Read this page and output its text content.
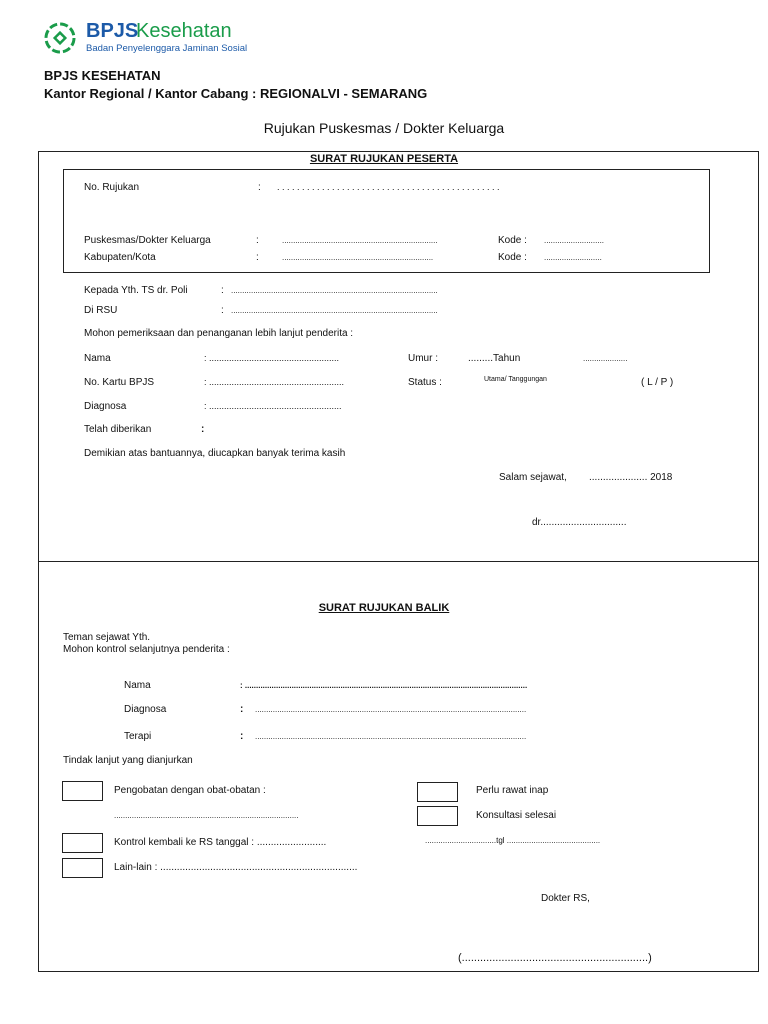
BPJS
Kesehatan
Badan Penyelenggara Jaminan Sosial
BPJS KESEHATAN
Kantor Regional / Kantor Cabang : REGIONALVI - SEMARANG
Rujukan Puskesmas / Dokter Keluarga
SURAT RUJUKAN PESERTA
No. Rujukan	: . . . . . . . . . . . . . . . . . . . . . . . . . . . . . . . . . . . . . . . . . . . . .
Puskesmas/Dokter Keluarga	:	......................................................................	Kode : ...........................
Kabupaten/Kota	:	....................................................................	Kode : ..........................
Kepada Yth. TS dr. Poli	: .............................................................................................
Di RSU	: .............................................................................................
Mohon pemeriksaan dan penanganan lebih lanjut penderita :
Nama	: ....................................................	Umur :	.........Tahun	....................
No. Kartu BPJS	: ......................................................	Status :	Utama/ Tanggungan	( L / P )
Diagnosa	: .....................................................
Telah diberikan	:
Demikian atas bantuannya, diucapkan banyak terima kasih
Salam sejawat, ..................... 2018
dr...............................
SURAT RUJUKAN BALIK
Teman sejawat Yth.
Mohon kontrol selanjutnya penderita :
Nama	: ...............................................................................................................................
Diagnosa	: ..........................................................................................................................
Terapi	: ..........................................................................................................................
Tindak lanjut yang dianjurkan
Pengobatan dengan obat-obatan :
...................................................................................
Kontrol kembali ke RS tanggal : .........................
Lain-lain : .......................................................................
Perlu rawat inap
Konsultasi selesai
................................tgl ..........................................
Dokter RS,
(.............................................................)
